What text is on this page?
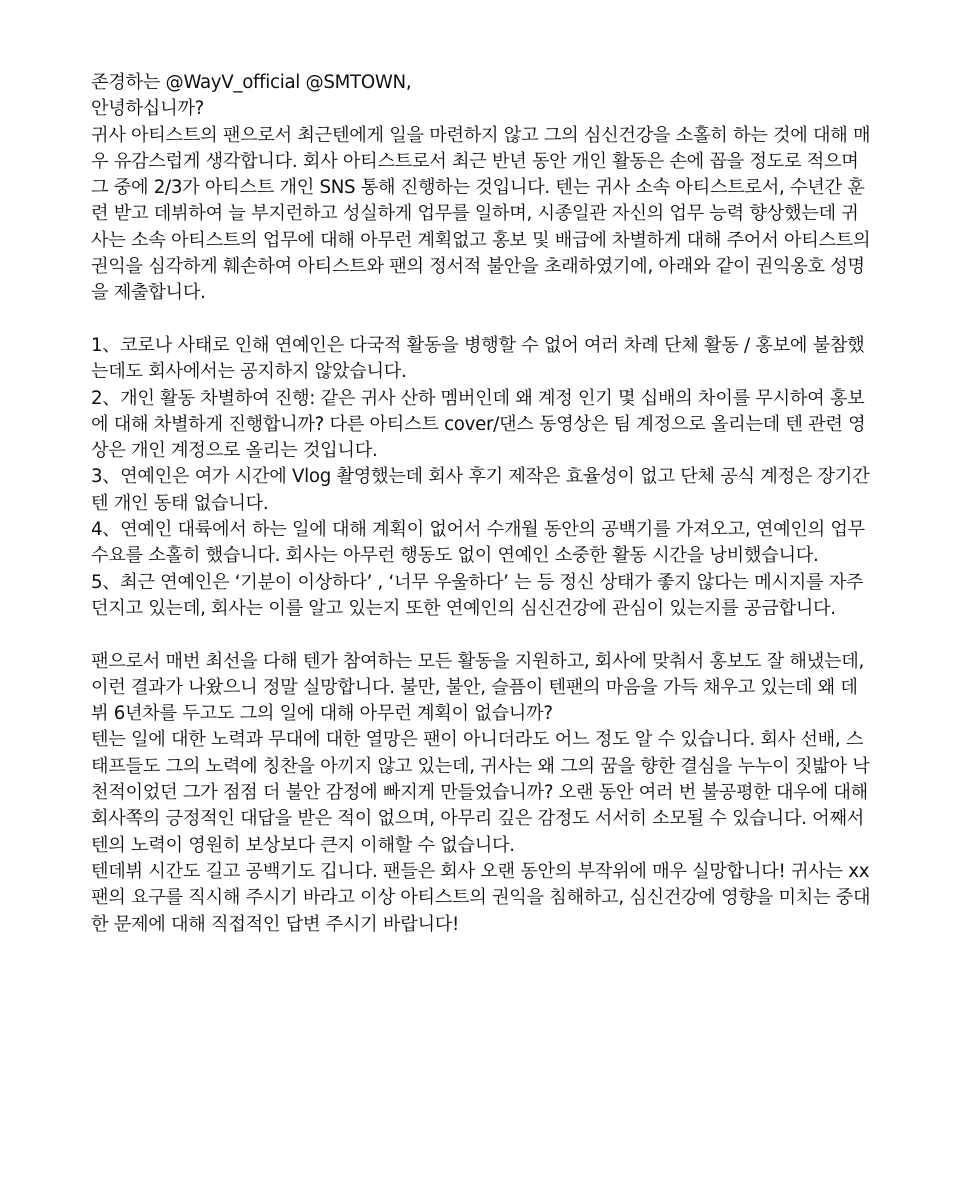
존경하는 @WayV_official @SMTOWN,

안녕하십니까?

귀사 아티스트의 팬으로서 최근텐에게 일을 마련하지 않고 그의 심신건강을 소홀히 하는 것에 대해 매우 유감스럽게 생각합니다. 회사 아티스트로서 최근 반년 동안 개인 활동은 손에 꼽을 정도로 적으며 그 중에 2/3가 아티스트 개인 SNS 통해 진행하는 것입니다. 텐는 귀사 소속 아티스트로서, 수년간 훈련 받고 데뷔하여 늘 부지런하고 성실하게 업무를 일하며, 시종일관 자신의 업무 능력 향상했는데 귀사는 소속 아티스트의 업무에 대해 아무런 계획없고 홍보 및 배급에 차별하게 대해 주어서 아티스트의 권익을 심각하게 훼손하여 아티스트와 팬의 정서적 불안을 초래하였기에, 아래와 같이 권익옹호 성명을 제출합니다.

1、코로나 사태로 인해 연예인은 다국적 활동을 병행할 수 없어 여러 차례 단체 활동 / 홍보에 불참했는데도 회사에서는 공지하지 않았습니다.

2、개인 활동 차별하여 진행: 같은 귀사 산하 멤버인데 왜 계정 인기 몇 십배의 차이를 무시하여 홍보에 대해 차별하게 진행합니까? 다른 아티스트 cover/댄스 동영상은 팀 계정으로 올리는데 텐 관련 영상은 개인 계정으로 올리는 것입니다.

3、연예인은 여가 시간에 Vlog 촬영했는데 회사 후기 제작은 효율성이 없고 단체 공식 계정은 장기간 텐 개인 동태 없습니다.

4、연예인 대륙에서 하는 일에 대해 계획이 없어서 수개월 동안의 공백기를 가져오고, 연예인의 업무 수요를 소홀히 했습니다. 회사는 아무런 행동도 없이 연예인 소중한 활동 시간을 낭비했습니다.

5、최근 연예인은 ‘기분이 이상하다’ , ‘너무 우울하다’ 는 등 정신 상태가 좋지 않다는 메시지를 자주 던지고 있는데, 회사는 이를 알고 있는지 또한 연예인의 심신건강에 관심이 있는지를 공금합니다.

팬으로서 매번 최선을 다해 텐가 참여하는 모든 활동을 지원하고, 회사에 맞춰서 홍보도 잘 해냈는데, 이런 결과가 나왔으니 정말 실망합니다. 불만, 불안, 슬픔이 텐팬의 마음을 가득 채우고 있는데 왜 데뷔 6년차를 두고도 그의 일에 대해 아무런 계획이 없습니까?

텐는 일에 대한 노력과 무대에 대한 열망은 팬이 아니더라도 어느 정도 알 수 있습니다. 회사 선배, 스태프들도 그의 노력에 칭찬을 아끼지 않고 있는데, 귀사는 왜 그의 꿈을 향한 결심을 누누이 짓밟아 낙천적이었던 그가 점점 더 불안 감정에 빠지게 만들었습니까? 오랜 동안 여러 번 불공평한 대우에 대해 회사쪽의 긍정적인 대답을 받은 적이 없으며, 아무리 깊은 감정도 서서히 소모될 수 있습니다. 어째서 텐의 노력이 영원히 보상보다 큰지 이해할 수 없습니다.

텐데뷔 시간도 길고 공백기도 깁니다. 팬들은 회사 오랜 동안의 부작위에 매우 실망합니다! 귀사는 xx팬의 요구를 직시해 주시기 바라고 이상 아티스트의 권익을 침해하고, 심신건강에 영향을 미치는 중대한 문제에 대해 직접적인 답변 주시기 바랍니다!
